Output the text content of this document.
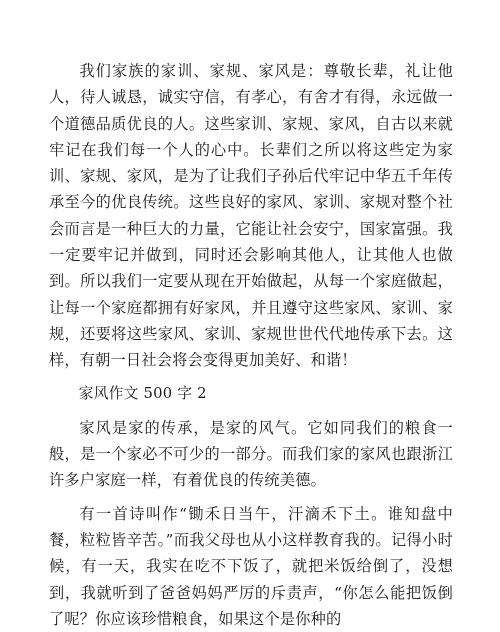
我们家族的家训、家规、家风是：尊敬长辈，礼让他人，待人诚恳，诚实守信，有孝心，有舍才有得，永远做一个道德品质优良的人。这些家训、家规、家风，自古以来就牢记在我们每一个人的心中。长辈们之所以将这些定为家训、家规、家风，是为了让我们子孙后代牢记中华五千年传承至今的优良传统。这些良好的家风、家训、家规对整个社会而言是一种巨大的力量，它能让社会安宁，国家富强。我一定要牢记并做到，同时还会影响其他人，让其他人也做到。所以我们一定要从现在开始做起，从每一个家庭做起，让每一个家庭都拥有好家风，并且遵守这些家风、家训、家规，还要将这些家风、家训、家规世世代代地传承下去。这样，有朝一日社会将会变得更加美好、和谐！

家风作文 500 字 2

家风是家的传承，是家的风气。它如同我们的粮食一般，是一个家必不可少的一部分。而我们家的家风也跟浙江许多户家庭一样，有着优良的传统美德。

有一首诗叫作“锄禾日当午，汗滴禾下土。谁知盘中餐，粒粒皆辛苦。”而我父母也从小这样教育我的。记得小时候，有一天，我实在吃不下饭了，就把米饭给倒了，没想到，我就听到了爸爸妈妈严厉的斥责声，“你怎么能把饭倒了呢？你应该珍惜粮食，如果这个是你种的
